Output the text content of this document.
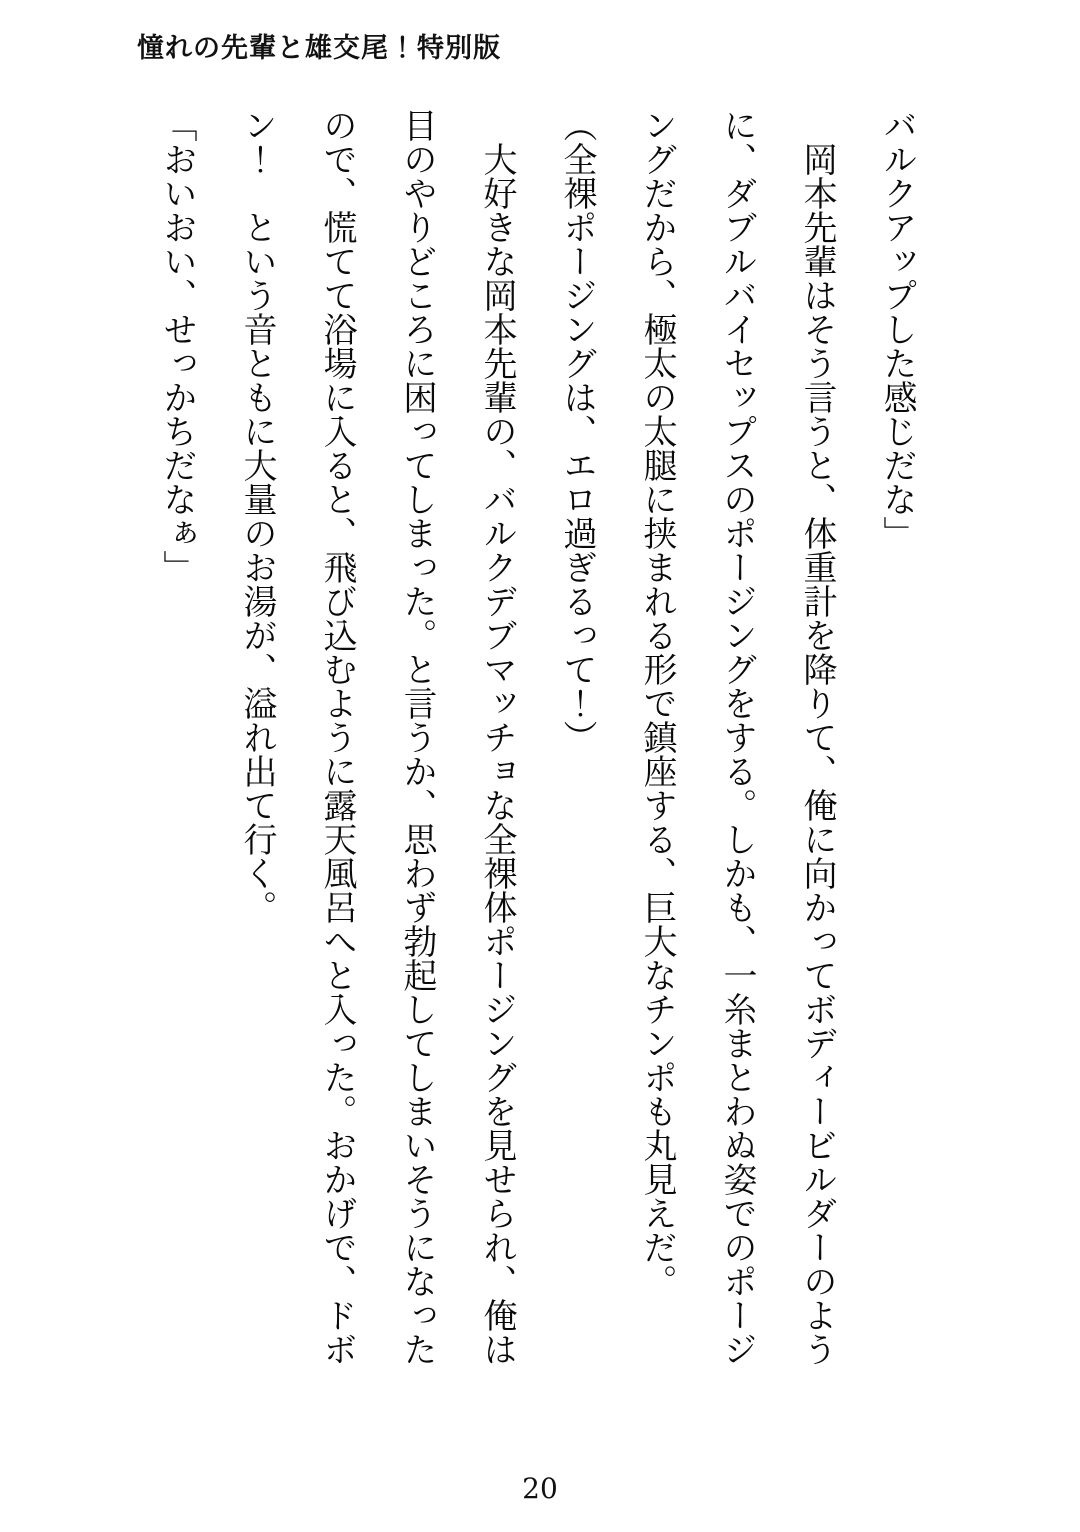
憧れの先輩と雄交尾！特別版
バルクアップした感じだな」
岡本先輩はそう言うと、体重計を降りて、俺に向かってボディービルダーのよう
に、ダブルバイセップスのポージングをする。しかも、一糸まとわぬ姿でのポージ
ングだから、極太の太腿に挟まれる形で鎮座する、巨大なチンポも丸見えだ。
（全裸ポージングは、エロ過ぎるって！）
大好きな岡本先輩の、バルクデブマッチョな全裸体ポージングを見せられ、俺は
目のやりどころに困ってしまった。と言うか、思わず勃起してしまいそうになった
ので、慌てて浴場に入ると、飛び込むように露天風呂へと入った。おかげで、ドボ
ン！　という音ともに大量のお湯が、溢れ出て行く。
「おいおい、せっかちだなぁ」
20
